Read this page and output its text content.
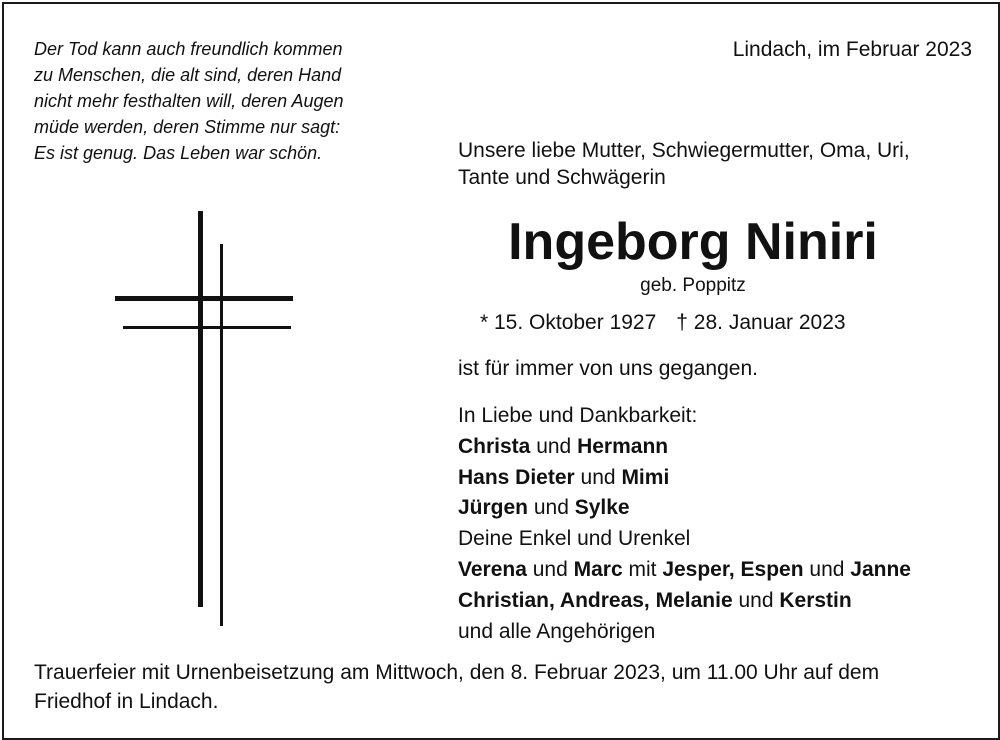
Der Tod kann auch freundlich kommen
zu Menschen, die alt sind, deren Hand
nicht mehr festhalten will, deren Augen
müde werden, deren Stimme nur sagt:
Es ist genug. Das Leben war schön.
Lindach, im Februar 2023
Unsere liebe Mutter, Schwiegermutter, Oma, Uri,
Tante und Schwägerin
Ingeborg Niniri
geb. Poppitz
* 15. Oktober 1927 † 28. Januar 2023
ist für immer von uns gegangen.
In Liebe und Dankbarkeit:
Christa und Hermann
Hans Dieter und Mimi
Jürgen und Sylke
Deine Enkel und Urenkel
Verena und Marc mit Jesper, Espen und Janne
Christian, Andreas, Melanie und Kerstin
und alle Angehörigen
Trauerfeier mit Urnenbeisetzung am Mittwoch, den 8. Februar 2023, um 11.00 Uhr auf dem
Friedhof in Lindach.
